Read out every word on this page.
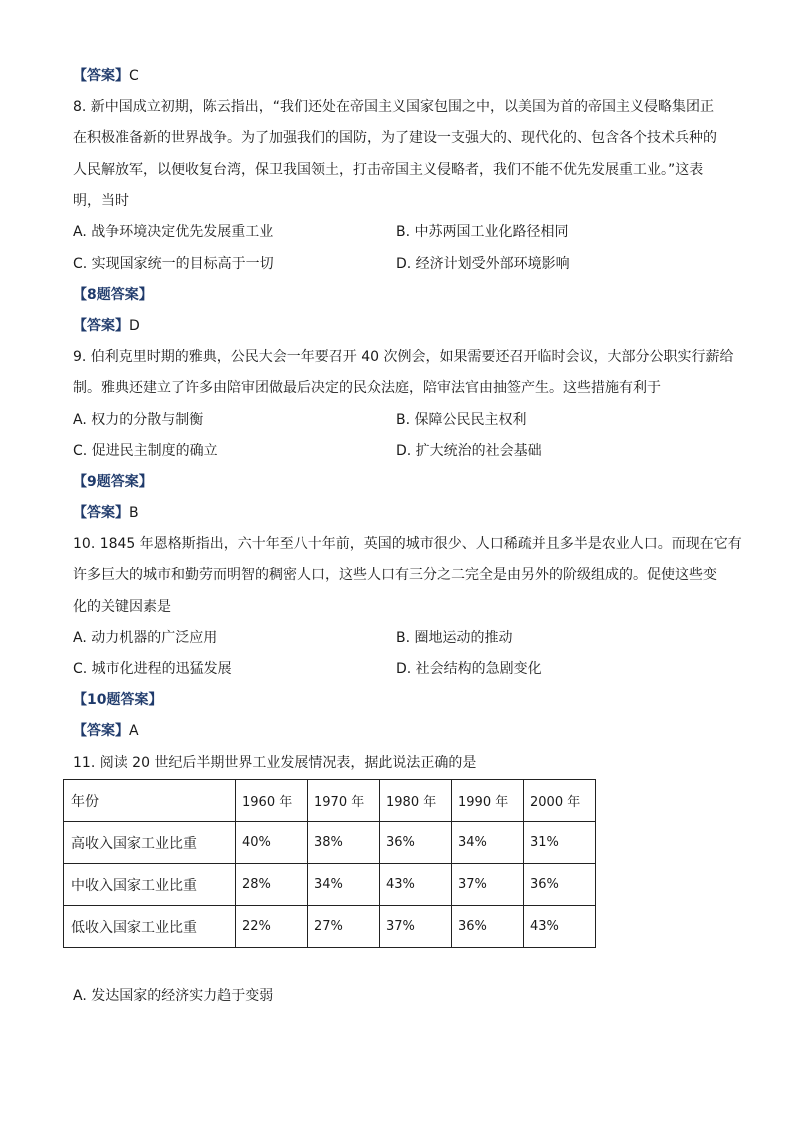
【答案】C
8. 新中国成立初期，陈云指出，“我们还处在帝国主义国家包围之中，以美国为首的帝国主义侵略集团正
在积极准备新的世界战争。为了加强我们的国防，为了建设一支强大的、现代化的、包含各个技术兵种的
人民解放军，以便收复台湾，保卫我国领土，打击帝国主义侵略者，我们不能不优先发展重工业。”这表
明，当时
A. 战争环境决定优先发展重工业	B. 中苏两国工业化路径相同
C. 实现国家统一的目标高于一切	D. 经济计划受外部环境影响
【8题答案】
【答案】D
9. 伯利克里时期的雅典，公民大会一年要召开 40 次例会，如果需要还召开临时会议，大部分公职实行薪给
制。雅典还建立了许多由陪审团做最后决定的民众法庭，陪审法官由抽签产生。这些措施有利于
A. 权力的分散与制衡	B. 保障公民民主权利
C. 促进民主制度的确立	D. 扩大统治的社会基础
【9题答案】
【答案】B
10. 1845 年恩格斯指出，六十年至八十年前，英国的城市很少、人口稀疏并且多半是农业人口。而现在它有
许多巨大的城市和勤劳而明智的稠密人口，这些人口有三分之二完全是由另外的阶级组成的。促使这些变
化的关键因素是
A. 动力机器的广泛应用	B. 圈地运动的推动
C. 城市化进程的迅猛发展	D. 社会结构的急剧变化
【10题答案】
【答案】A
11. 阅读 20 世纪后半期世界工业发展情况表，据此说法正确的是
年份	1960 年	1970 年	1980 年	1990 年	2000 年
高收入国家工业比重	40%	38%	36%	34%	31%
中收入国家工业比重	28%	34%	43%	37%	36%
低收入国家工业比重	22%	27%	37%	36%	43%
A. 发达国家的经济实力趋于变弱
